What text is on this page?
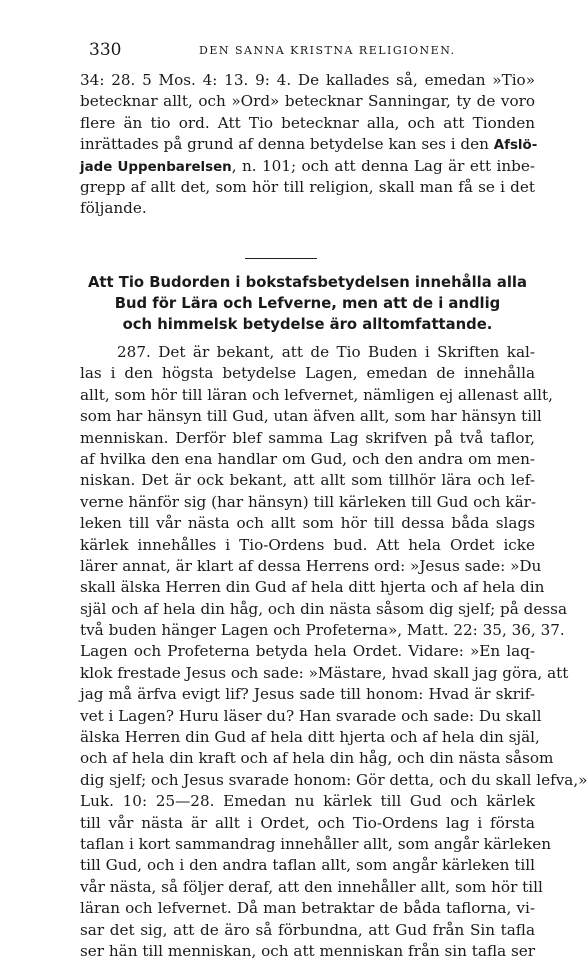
330	DEN SANNA KRISTNA RELIGIONEN.
34: 28. 5 Mos. 4: 13. 9: 4. De kallades så, emedan »Tio»
betecknar allt, och »Ord» betecknar Sanningar, ty de voro
flere än tio ord. Att Tio betecknar alla, och att Tionden
inrättades på grund af denna betydelse kan ses i den Afslö-
jade Uppenbarelsen, n. 101; och att denna Lag är ett inbe-
grepp af allt det, som hör till religion, skall man få se i det
följande.
Att Tio Budorden i bokstafsbetydelsen innehålla alla
Bud för Lära och Lefverne, men att de i andlig
och himmelsk betydelse äro alltomfattande.
287. Det är bekant, att de Tio Buden i Skriften kal-
las i den högsta betydelse Lagen, emedan de innehålla
allt, som hör till läran och lefvernet, nämligen ej allenast allt,
som har hänsyn till Gud, utan äfven allt, som har hänsyn till
menniskan. Derför blef samma Lag skrifven på två taflor,
af hvilka den ena handlar om Gud, och den andra om men-
niskan. Det är ock bekant, att allt som tillhör lära och lef-
verne hänför sig (har hänsyn) till kärleken till Gud och kär-
leken till vår nästa och allt som hör till dessa båda slags
kärlek innehålles i Tio-Ordens bud. Att hela Ordet icke
lärer annat, är klart af dessa Herrens ord: »Jesus sade: »Du
skall älska Herren din Gud af hela ditt hjerta och af hela din
själ och af hela din håg, och din nästa såsom dig sjelf; på dessa
två buden hänger Lagen och Profeterna», Matt. 22: 35, 36, 37.
Lagen och Profeterna betyda hela Ordet. Vidare: »En laq-
klok frestade Jesus och sade: »Mästare, hvad skall jag göra, att
jag må ärfva evigt lif? Jesus sade till honom: Hvad är skrif-
vet i Lagen? Huru läser du? Han svarade och sade: Du skall
älska Herren din Gud af hela ditt hjerta och af hela din själ,
och af hela din kraft och af hela din håg, och din nästa såsom
dig sjelf; och Jesus svarade honom: Gör detta, och du skall lefva,»
Luk. 10: 25—28. Emedan nu kärlek till Gud och kärlek
till vår nästa är allt i Ordet, och Tio-Ordens lag i första
taflan i kort sammandrag innehåller allt, som angår kärleken
till Gud, och i den andra taflan allt, som angår kärleken till
vår nästa, så följer deraf, att den innehåller allt, som hör till
läran och lefvernet. Då man betraktar de båda taflorna, vi-
sar det sig, att de äro så förbundna, att Gud från Sin tafla
ser hän till menniskan, och att menniskan från sin tafla ser
